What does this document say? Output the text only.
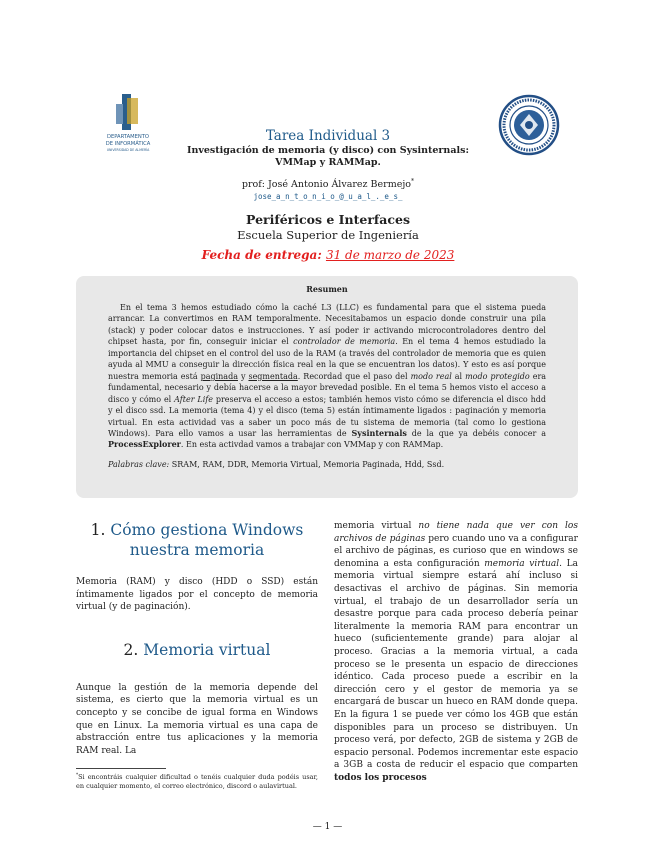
DEPARTAMENTO
DE INFORMÁTICA
UNIVERSIDAD DE ALMERÍA
Tarea Individual 3
Investigación de memoria (y disco) con Sysinternals:
VMMap y RAMMap.
prof: José Antonio Álvarez Bermejo*
jose̲a̲n̲t̲o̲n̲i̲o̲@̲u̲a̲l̲.̲e̲s̲
Periféricos e Interfaces
Escuela Superior de Ingeniería
Fecha de entrega: 31 de marzo de 2023
Resumen

En el tema 3 hemos estudiado cómo la caché L3 (LLC) es fundamental para que el sistema pueda arrancar. La convertimos en RAM temporalmente. Necesitabamos un espacio donde construir una pila (stack) y poder colocar datos e instrucciones. Y así poder ir activando microcontroladores dentro del chipset hasta, por fin, conseguir iniciar el controlador de memoria. En el tema 4 hemos estudiado la importancia del chipset en el control del uso de la RAM (a través del controlador de memoria que es quien ayuda al MMU a conseguir la dirección física real en la que se encuentran los datos). Y esto es así porque nuestra memoria está paginada y segmentada. Recordad que el paso del modo real al modo protegido era fundamental, necesario y debía hacerse a la mayor brevedad posible. En el tema 5 hemos visto el acceso a disco y cómo el After Life preserva el acceso a estos; también hemos visto cómo se diferencia el disco hdd y el disco ssd. La memoria (tema 4) y el disco (tema 5) están íntimamente ligados : paginación y memoria virtual. En esta actividad vas a saber un poco más de tu sistema de memoria (tal como lo gestiona Windows). Para ello vamos a usar las herramientas de Sysinternals de la que ya debéis conocer a ProcessExplorer. En esta activdad vamos a trabajar con VMMap y con RAMMap.

Palabras clave: SRAM, RAM, DDR, Memoria Virtual, Memoria Paginada, Hdd, Ssd.

1. Cómo gestiona Windows nuestra memoria

Memoria (RAM) y disco (HDD o SSD) están íntimamente ligados por el concepto de memoria virtual (y de paginación).

2. Memoria virtual

Aunque la gestión de la memoria depende del sistema, es cierto que la memoria virtual es un concepto y se concibe de igual forma en Windows que en Linux. La memoria virtual es una capa de abstracción entre tus aplicaciones y la memoria RAM real. La

memoria virtual no tiene nada que ver con los archivos de páginas pero cuando uno va a configurar el archivo de páginas, es curioso que en windows se denomina a esta configuración memoria virtual. La memoria virtual siempre estará ahí incluso si desactivas el archivo de páginas. Sin memoria virtual, el trabajo de un desarrollador sería un desastre porque para cada proceso debería peinar literalmente la memoria RAM para encontrar un hueco (suficientemente grande) para alojar al proceso. Gracias a la memoria virtual, a cada proceso se le presenta un espacio de direcciones idéntico. Cada proceso puede a escribir en la dirección cero y el gestor de memoria ya se encargará de buscar un hueco en RAM donde quepa. En la figura 1 se puede ver cómo los 4GB que están disponibles para un proceso se distribuyen. Un proceso verá, por defecto, 2GB de sistema y 2GB de espacio personal. Podemos incrementar este espacio a 3GB a costa de reducir el espacio que comparten todos los procesos

*Si encontráis cualquier dificultad o tenéis cualquier duda podéis usar, en cualquier momento, el correo electrónico, discord o aulavirtual.
— 1 —
